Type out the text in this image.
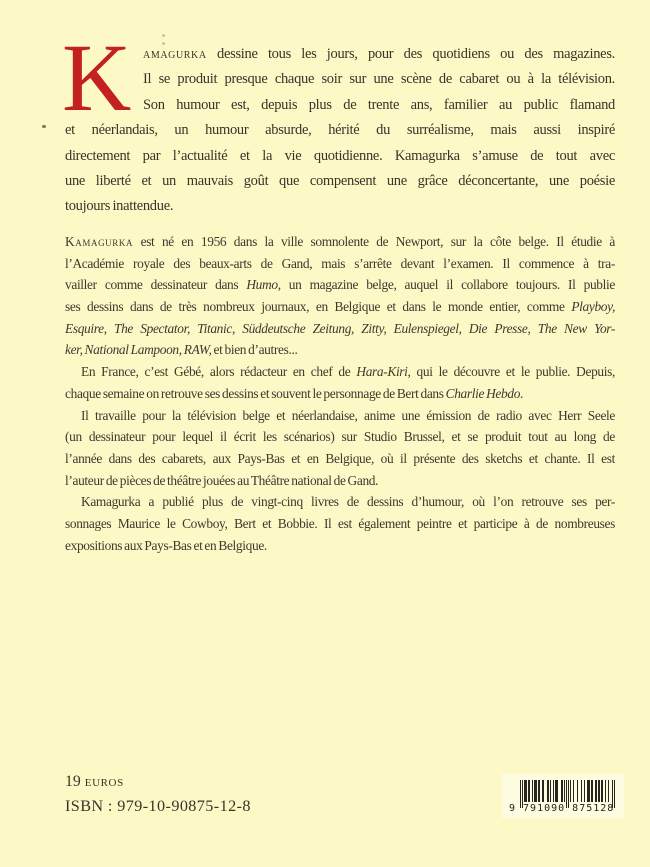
K amagurka dessine tous les jours, pour des quotidiens ou des magazines.
Il se produit presque chaque soir sur une scène de cabaret ou à la télévision.
Son humour est, depuis plus de trente ans, familier au public flamand
et néerlandais, un humour absurde, hérité du surréalisme, mais aussi inspiré
directement par l’actualité et la vie quotidienne. Kamagurka s’amuse de tout avec
une liberté et un mauvais goût que compensent une grâce déconcertante, une poésie
toujours inattendue.
Kamagurka est né en 1956 dans la ville somnolente de Newport, sur la côte belge. Il étudie à
l’Académie royale des beaux-arts de Gand, mais s’arrête devant l’examen. Il commence à tra-
vailler comme dessinateur dans Humo, un magazine belge, auquel il collabore toujours. Il publie
ses dessins dans de très nombreux journaux, en Belgique et dans le monde entier, comme Playboy,
Esquire, The Spectator, Titanic, Süddeutsche Zeitung, Zitty, Eulenspiegel, Die Presse, The New Yor-
ker, National Lampoon, RAW, et bien d’autres...
En France, c’est Gébé, alors rédacteur en chef de Hara-Kiri, qui le découvre et le publie. Depuis,
chaque semaine on retrouve ses dessins et souvent le personnage de Bert dans Charlie Hebdo.
Il travaille pour la télévision belge et néerlandaise, anime une émission de radio avec Herr Seele
(un dessinateur pour lequel il écrit les scénarios) sur Studio Brussel, et se produit tout au long de
l’année dans des cabarets, aux Pays-Bas et en Belgique, où il présente des sketchs et chante. Il est
l’auteur de pièces de théâtre jouées au Théâtre national de Gand.
Kamagurka a publié plus de vingt-cinq livres de dessins d’humour, où l’on retrouve ses per-
sonnages Maurice le Cowboy, Bert et Bobbie. Il est également peintre et participe à de nombreuses
expositions aux Pays-Bas et en Belgique.
19 euros
ISBN : 979-10-90875-12-8	9 791090 875128
